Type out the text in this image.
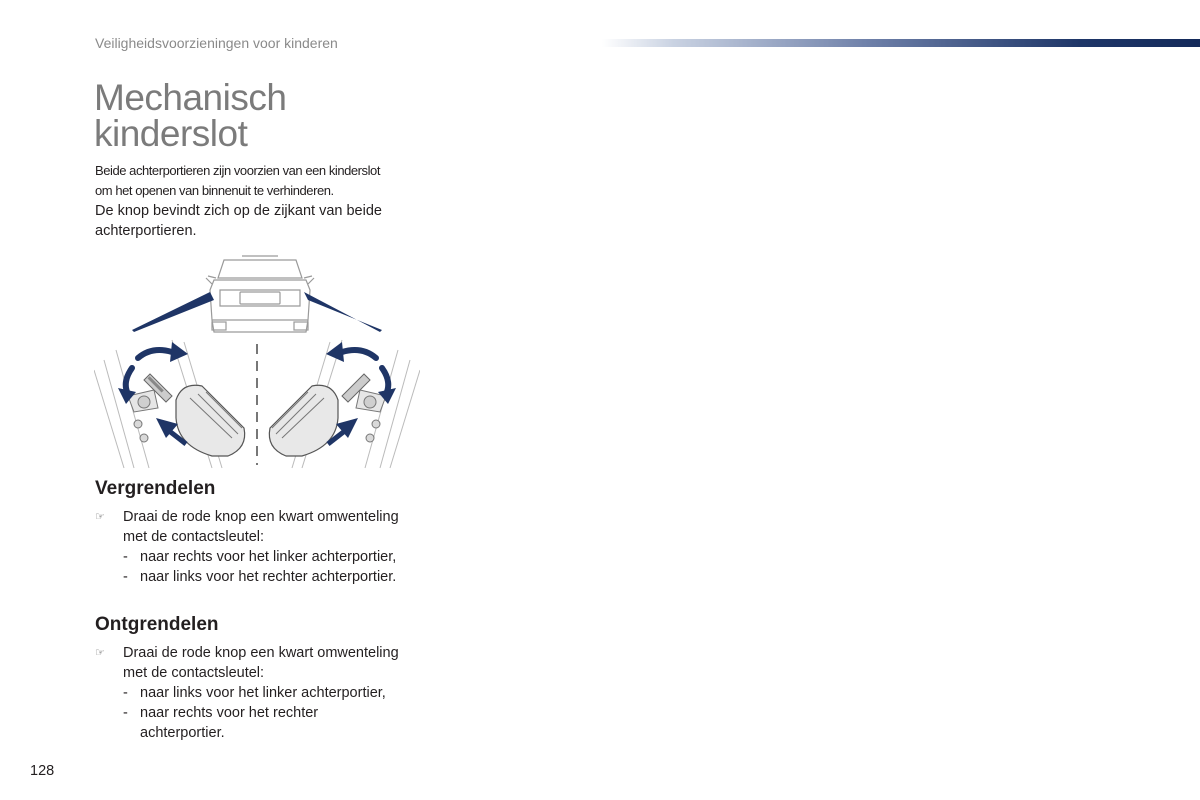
Veiligheidsvoorzieningen voor kinderen
Mechanisch
kinderslot
Beide achterportieren zijn voorzien van een kinderslot
om het openen van binnenuit te verhinderen.
De knop bevindt zich op de zijkant van beide
achterportieren.
Vergrendelen
☞ Draai de rode knop een kwart omwenteling
met de contactsleutel:
- naar rechts voor het linker achterportier,
- naar links voor het rechter achterportier.
Ontgrendelen
☞ Draai de rode knop een kwart omwenteling
met de contactsleutel:
- naar links voor het linker achterportier,
- naar rechts voor het rechter
achterportier.
128
